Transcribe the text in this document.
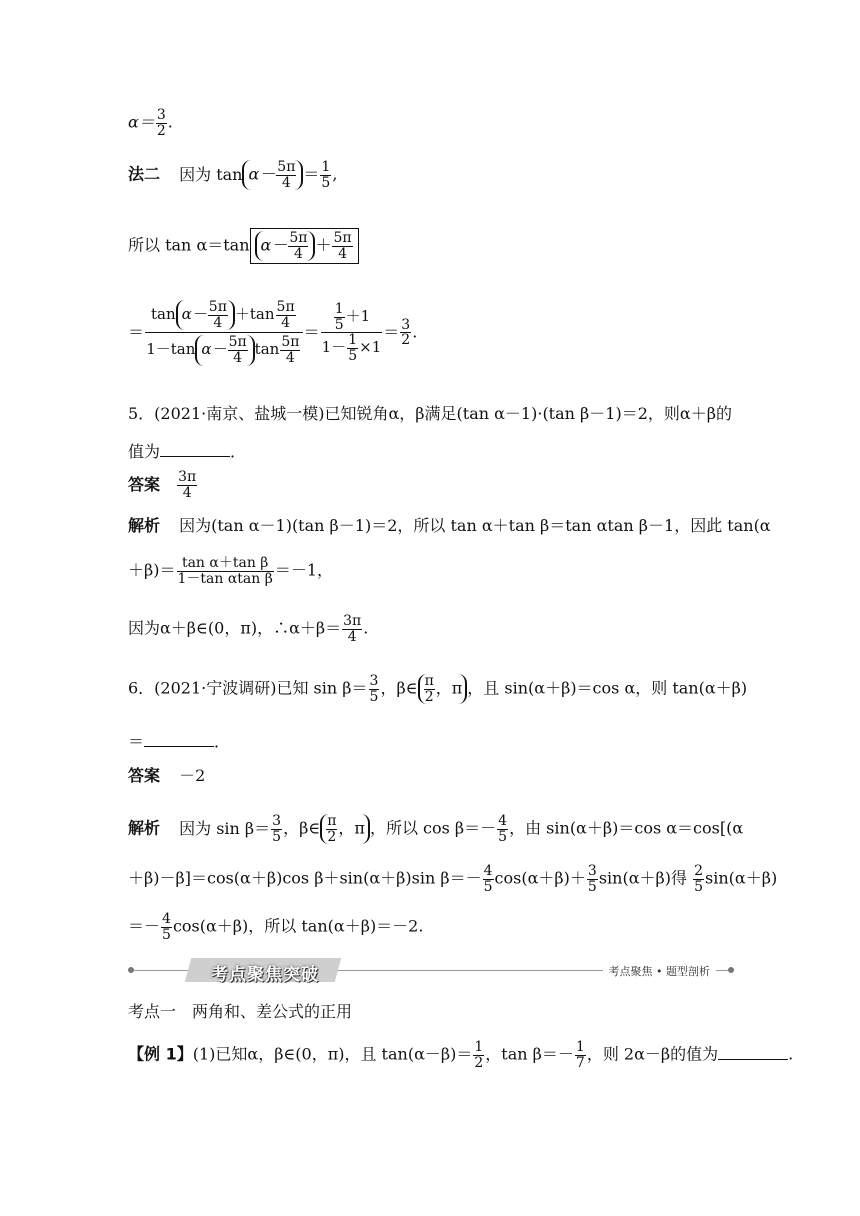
$\alpha= \frac{3}{2}$ .
法二 因为 $\tan \alpha- \frac{5\pi}{4} = \frac{1}{5}$ ,
所以 tan α＝tan $\alpha- \frac{5\pi}{4} + \frac{5\pi}{4}$
＝ $\frac{\tan \alpha- \frac{5\pi}{4} +\tan \frac{5\pi}{4}}{1-\tan \alpha- \frac{5\pi}{4} \tan \frac{5\pi}{4}} = \frac{\frac{1}{5} +1}{1- \frac{1}{5} \times 1} = \frac{3}{2}$ .
5．(2021·南京、盐城一模)已知锐角α，β满足(tan α－1)·(tan β－1)＝2，则α＋β的
值为	．
答案 $\frac{3\pi}{4}$
解析 因为(tan α－1)(tan β－1)＝2，所以 tan α＋tan β＝tan αtan β－1，因此 tan(α
$+\beta)= \frac{\text{tan α＋tan β}}{\text{1－tan αtan β}} =-1$，
因为α＋β∈(0，π)，∴α＋β＝ $\frac{3\pi}{4}$ .
6．(2021·宁波调研)已知 $\sin \beta= \frac{3}{5}$ ，β∈ $\frac{\pi}{2}$ ，π ，且 sin(α＋β)＝cos α，则 tan(α＋β)
＝	．
答案 －2
解析 因为 $\sin \beta= \frac{3}{5}$ ，β∈ $\frac{\pi}{2}$ ，π ，所以 $\cos \beta=- \frac{4}{5}$ ，由 sin(α＋β)＝cos α＝cos[(α
＋β)－β]＝cos(α＋β)cos β＋sin(α＋β)sin $\beta=- \frac{4}{5} \cos(\alpha+\beta)+ \frac{3}{5} \sin(\alpha+\beta)$得 $\frac{2}{5} \sin(\alpha+\beta)$
＝－ $\frac{4}{5} \cos(\alpha+\beta)$，所以 tan(α＋β)＝－2.
考点聚焦突破	考点聚焦 • 题型剖析
考点一 两角和、差公式的正用
【例 1】(1)已知α，β∈(0，π)，且 $\tan(\alpha-\beta)= \frac{1}{2}$ ，$\tan \beta=- \frac{1}{7}$ ，则 2α－β的值为	.
